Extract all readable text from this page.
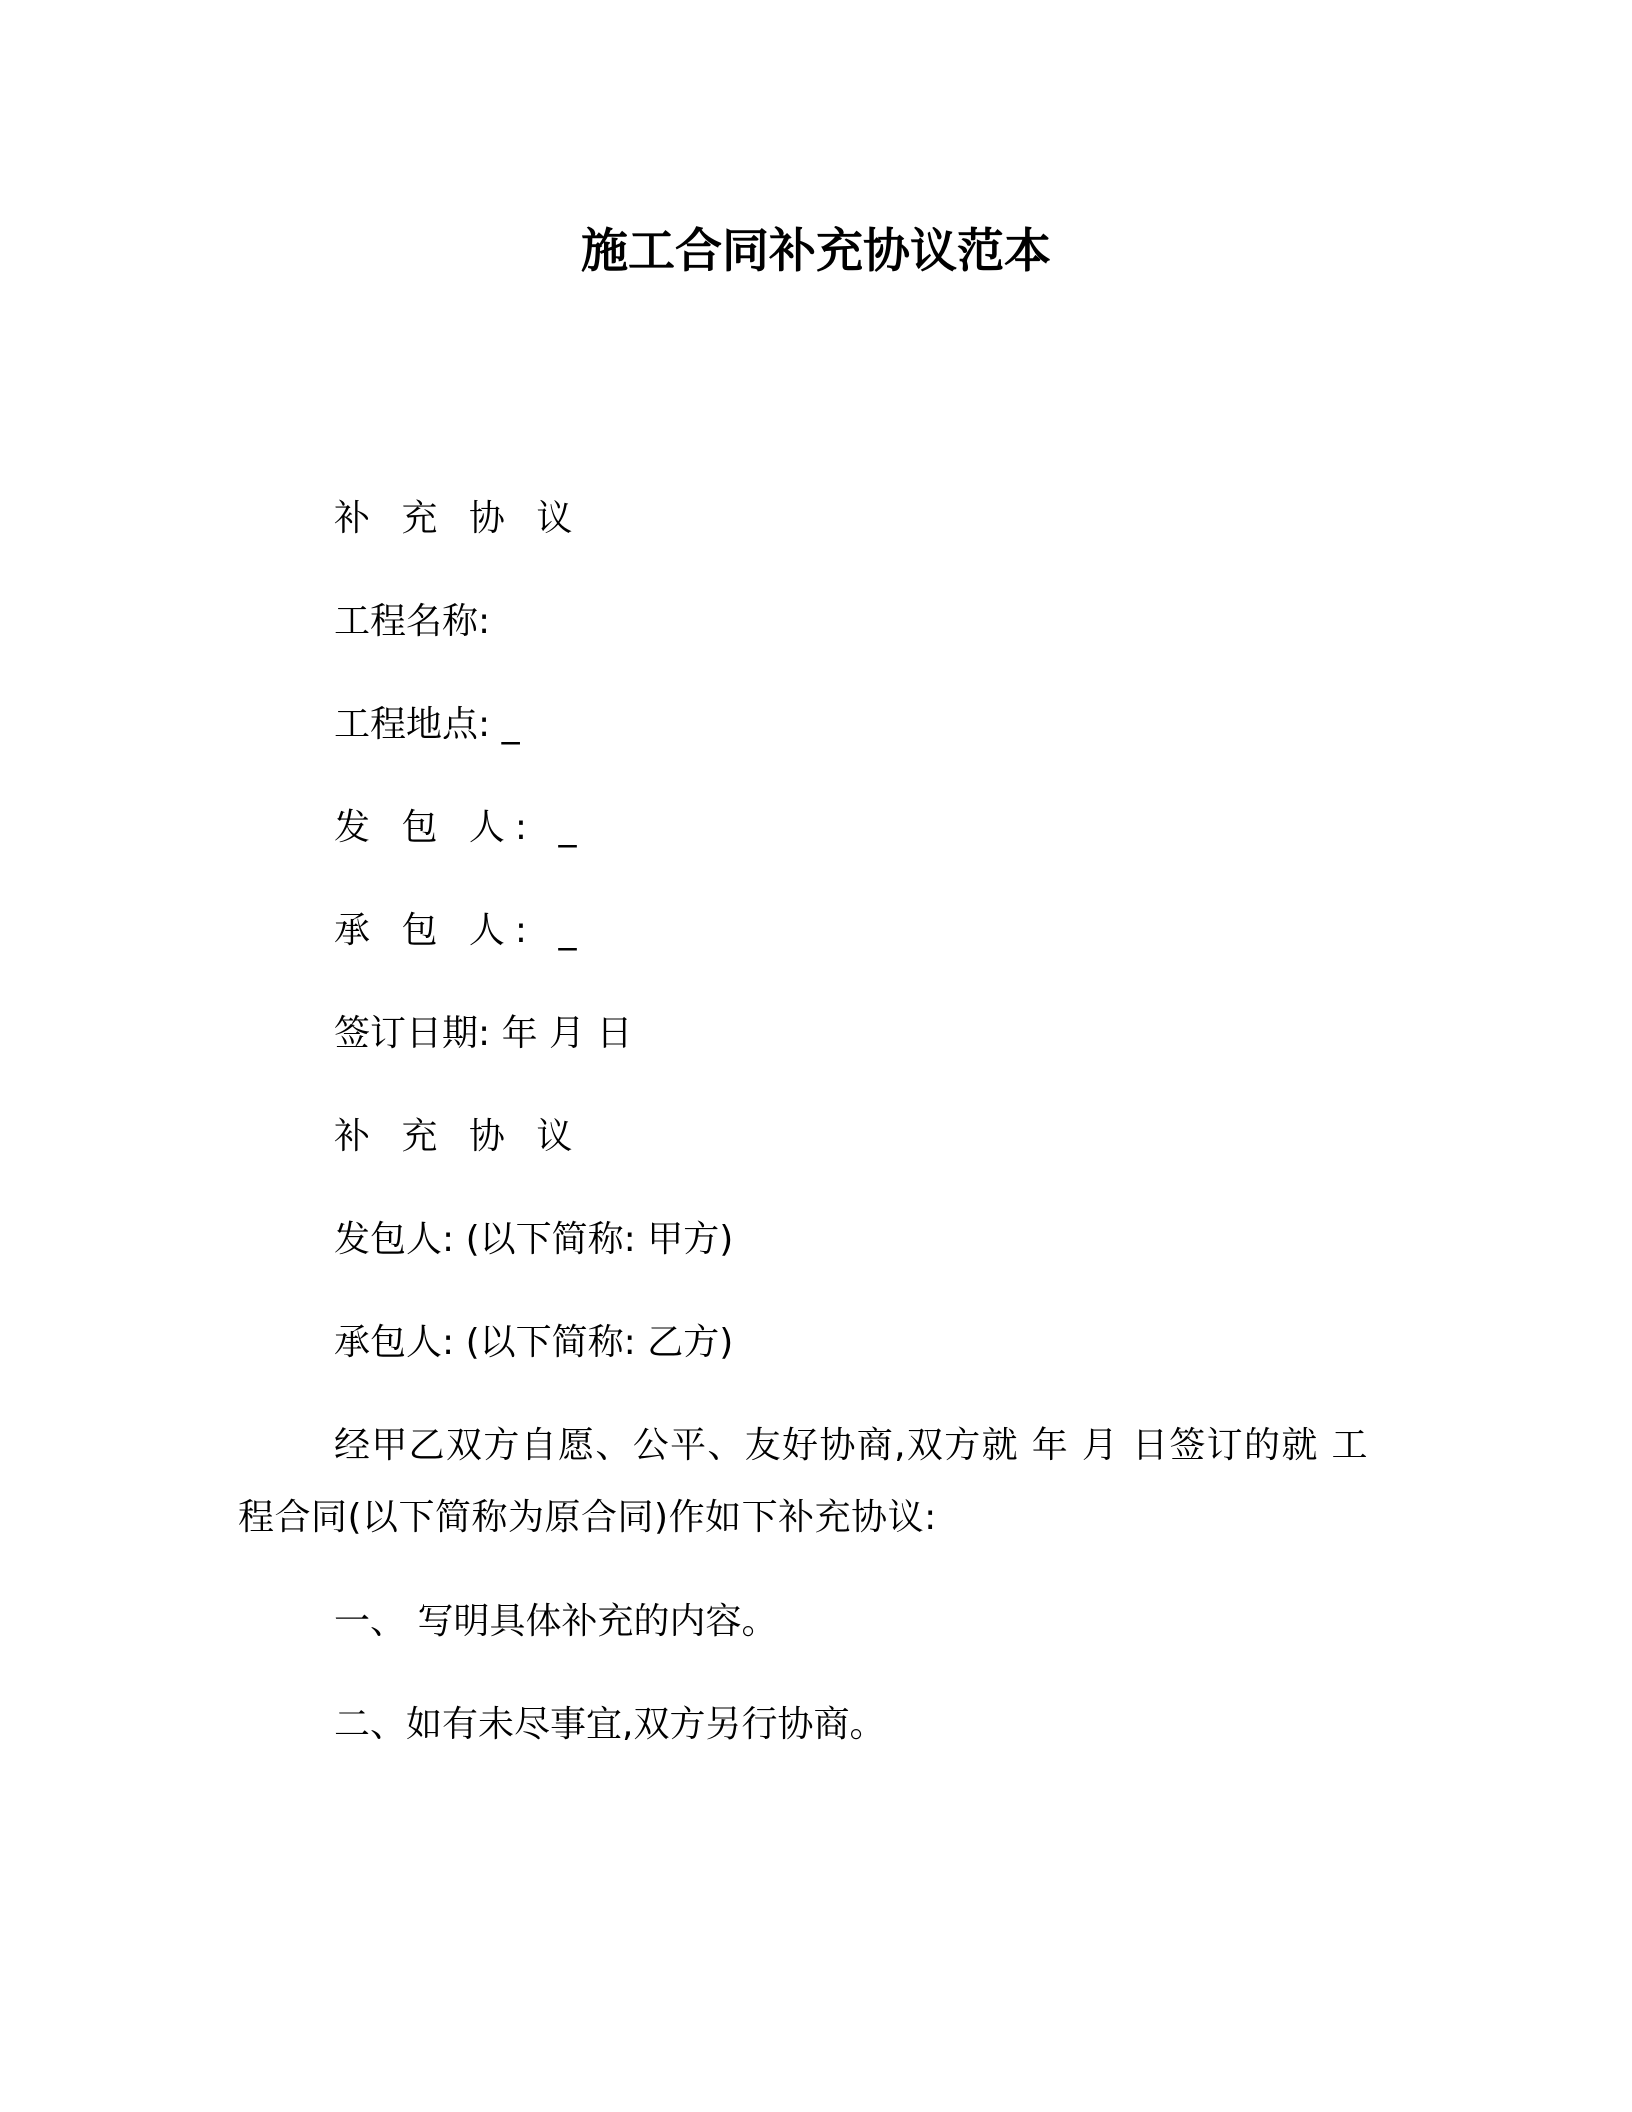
施工合同补充协议范本
补 充 协 议
工程名称:
工程地点: _
发 包 人: _
承 包 人: _
签订日期: 年 月 日
补 充 协 议
发包人: (以下简称: 甲方)
承包人: (以下简称: 乙方)
经甲乙双方自愿、公平、友好协商,双方就 年 月 日签订的就 工程合同(以下简称为原合同)作如下补充协议:
一、 写明具体补充的内容。
二、如有未尽事宜,双方另行协商。
